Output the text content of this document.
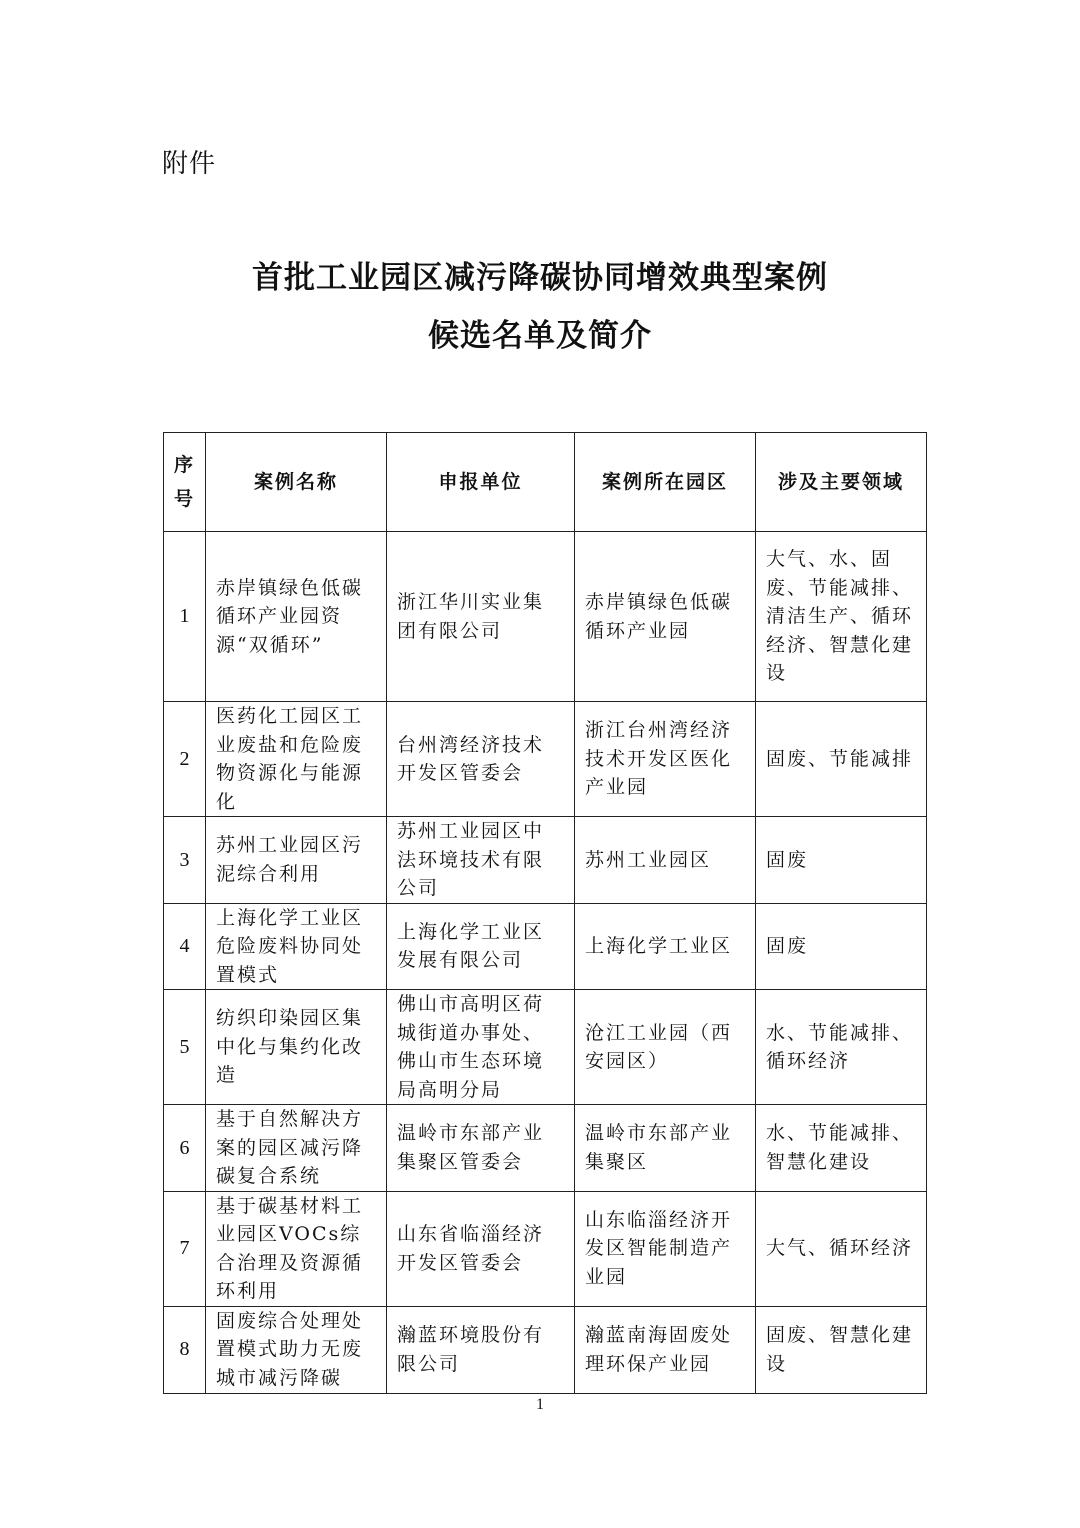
附件
首批工业园区减污降碳协同增效典型案例
候选名单及简介
序号	案例名称	申报单位	案例所在园区	涉及主要领域
1	赤岸镇绿色低碳循环产业园资源“双循环”	浙江华川实业集团有限公司	赤岸镇绿色低碳循环产业园	大气、水、固废、节能减排、清洁生产、循环经济、智慧化建设
2	医药化工园区工业废盐和危险废物资源化与能源化	台州湾经济技术开发区管委会	浙江台州湾经济技术开发区医化产业园	固废、节能减排
3	苏州工业园区污泥综合利用	苏州工业园区中法环境技术有限公司	苏州工业园区	固废
4	上海化学工业区危险废料协同处置模式	上海化学工业区发展有限公司	上海化学工业区	固废
5	纺织印染园区集中化与集约化改造	佛山市高明区荷城街道办事处、佛山市生态环境局高明分局	沧江工业园（西安园区）	水、节能减排、循环经济
6	基于自然解决方案的园区减污降碳复合系统	温岭市东部产业集聚区管委会	温岭市东部产业集聚区	水、节能减排、智慧化建设
7	基于碳基材料工业园区VOCs综合治理及资源循环利用	山东省临淄经济开发区管委会	山东临淄经济开发区智能制造产业园	大气、循环经济
8	固废综合处理处置模式助力无废城市减污降碳	瀚蓝环境股份有限公司	瀚蓝南海固废处理环保产业园	固废、智慧化建设
1
